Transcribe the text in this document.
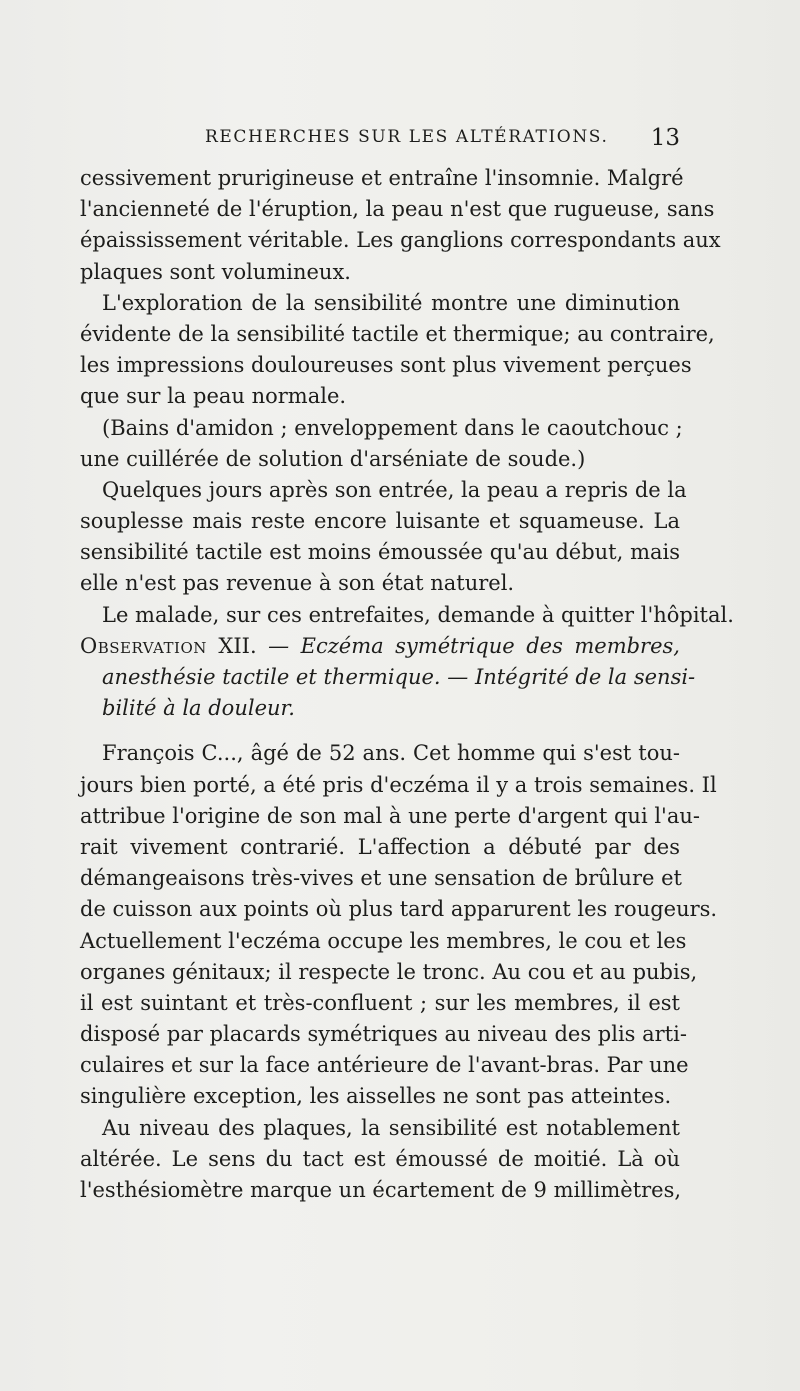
RECHERCHES SUR LES ALTÉRATIONS. 13
cessivement prurigineuse et entraîne l'insomnie. Malgré
l'ancienneté de l'éruption, la peau n'est que rugueuse, sans
épaississement véritable. Les ganglions correspondants aux
plaques sont volumineux.
L'exploration de la sensibilité montre une diminution
évidente de la sensibilité tactile et thermique; au contraire,
les impressions douloureuses sont plus vivement perçues
que sur la peau normale.
(Bains d'amidon ; enveloppement dans le caoutchouc ;
une cuillérée de solution d'arséniate de soude.)
Quelques jours après son entrée, la peau a repris de la
souplesse mais reste encore luisante et squameuse. La
sensibilité tactile est moins émoussée qu'au début, mais
elle n'est pas revenue à son état naturel.
Le malade, sur ces entrefaites, demande à quitter l'hôpital.
Observation XII. — Eczéma symétrique des membres,
anesthésie tactile et thermique. — Intégrité de la sensi-
bilité à la douleur.
François C..., âgé de 52 ans. Cet homme qui s'est tou-
jours bien porté, a été pris d'eczéma il y a trois semaines. Il
attribue l'origine de son mal à une perte d'argent qui l'au-
rait vivement contrarié. L'affection a débuté par des
démangeaisons très-vives et une sensation de brûlure et
de cuisson aux points où plus tard apparurent les rougeurs.
Actuellement l'eczéma occupe les membres, le cou et les
organes génitaux; il respecte le tronc. Au cou et au pubis,
il est suintant et très-confluent ; sur les membres, il est
disposé par placards symétriques au niveau des plis arti-
culaires et sur la face antérieure de l'avant-bras. Par une
singulière exception, les aisselles ne sont pas atteintes.
Au niveau des plaques, la sensibilité est notablement
altérée. Le sens du tact est émoussé de moitié. Là où
l'esthésiomètre marque un écartement de 9 millimètres,
